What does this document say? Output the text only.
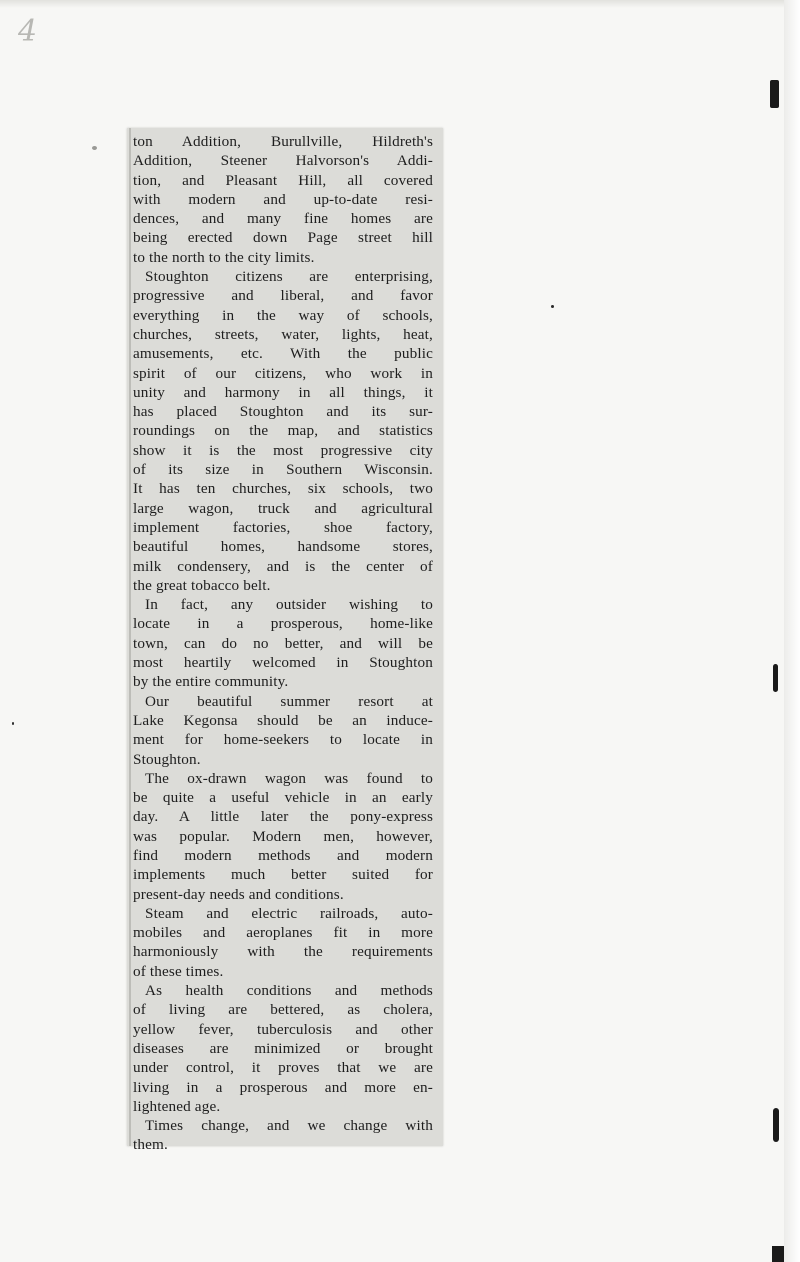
4
ton Addition, Burullville, Hildreth's
Addition, Steener Halvorson's Addi-
tion, and Pleasant Hill, all covered
with modern and up-to-date resi-
dences, and many fine homes are
being erected down Page street hill
to the north to the city limits.
Stoughton citizens are enterprising,
progressive and liberal, and favor
everything in the way of schools,
churches, streets, water, lights, heat,
amusements, etc. With the public
spirit of our citizens, who work in
unity and harmony in all things, it
has placed Stoughton and its sur-
roundings on the map, and statistics
show it is the most progressive city
of its size in Southern Wisconsin.
It has ten churches, six schools, two
large wagon, truck and agricultural
implement factories, shoe factory,
beautiful homes, handsome stores,
milk condensery, and is the center of
the great tobacco belt.
In fact, any outsider wishing to
locate in a prosperous, home-like
town, can do no better, and will be
most heartily welcomed in Stoughton
by the entire community.
Our beautiful summer resort at
Lake Kegonsa should be an induce-
ment for home-seekers to locate in
Stoughton.
The ox-drawn wagon was found to
be quite a useful vehicle in an early
day. A little later the pony-express
was popular. Modern men, however,
find modern methods and modern
implements much better suited for
present-day needs and conditions.
Steam and electric railroads, auto-
mobiles and aeroplanes fit in more
harmoniously with the requirements
of these times.
As health conditions and methods
of living are bettered, as cholera,
yellow fever, tuberculosis and other
diseases are minimized or brought
under control, it proves that we are
living in a prosperous and more en-
lightened age.
Times change, and we change with
them.
